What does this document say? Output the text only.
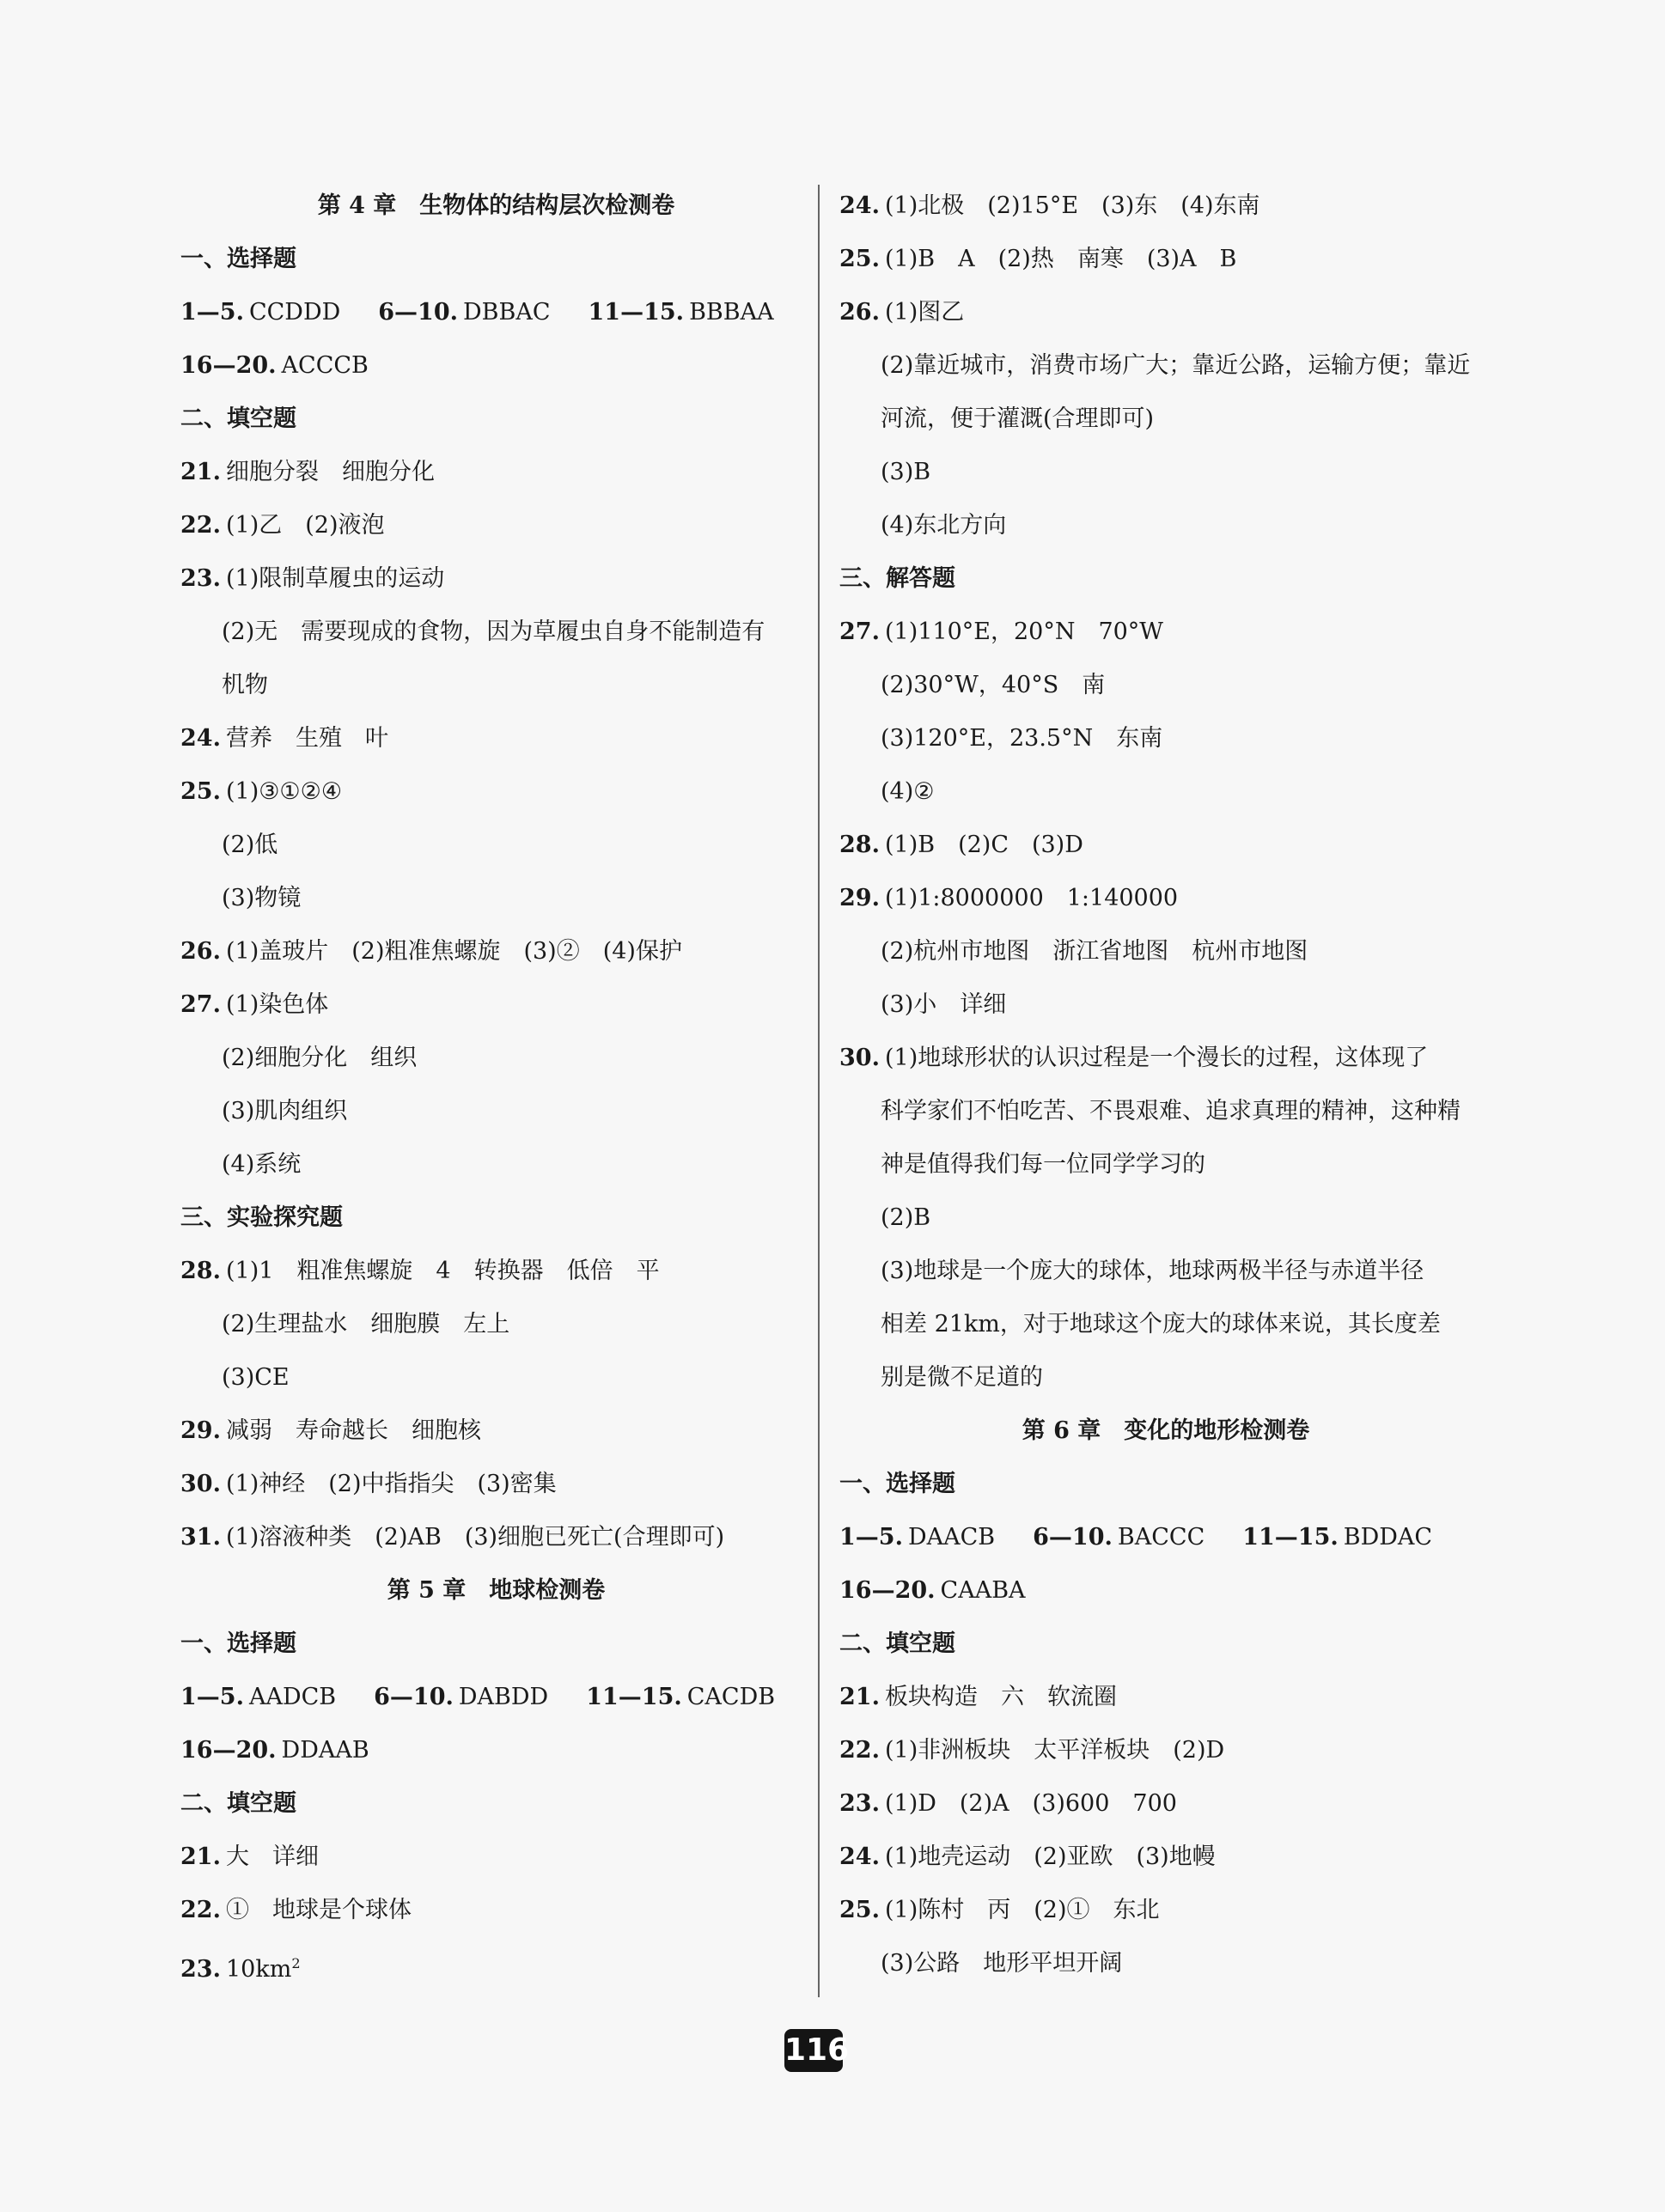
第 4 章　生物体的结构层次检测卷
一、选择题
1—5. CCDDD 6—10. DBBAC 11—15. BBBAA
16—20. ACCCB
二、填空题
21. 细胞分裂　细胞分化
22. (1)乙　(2)液泡
23. (1)限制草履虫的运动
(2)无　需要现成的食物，因为草履虫自身不能制造有
机物
24. 营养　生殖　叶
25. (1)③①②④
(2)低
(3)物镜
26. (1)盖玻片　(2)粗准焦螺旋　(3)②　(4)保护
27. (1)染色体
(2)细胞分化　组织
(3)肌肉组织
(4)系统
三、实验探究题
28. (1)1　粗准焦螺旋　4　转换器　低倍　平
(2)生理盐水　细胞膜　左上
(3)CE
29. 减弱　寿命越长　细胞核
30. (1)神经　(2)中指指尖　(3)密集
31. (1)溶液种类　(2)AB　(3)细胞已死亡(合理即可)
第 5 章　地球检测卷
一、选择题
1—5. AADCB 6—10. DABDD 11—15. CACDB
16—20. DDAAB
二、填空题
21. 大　详细
22. ①　地球是个球体
23. $10km^2$
24. (1)北极　(2)15°E　(3)东　(4)东南
25. (1)B　A　(2)热　南寒　(3)A　B
26. (1)图乙
(2)靠近城市，消费市场广大；靠近公路，运输方便；靠近
河流，便于灌溉(合理即可)
(3)B
(4)东北方向
三、解答题
27. (1)110°E，20°N　70°W
(2)30°W，40°S　南
(3)120°E，23.5°N　东南
(4)②
28. (1)B　(2)C　(3)D
29. (1)1:8000000　1:140000
(2)杭州市地图　浙江省地图　杭州市地图
(3)小　详细
30. (1)地球形状的认识过程是一个漫长的过程，这体现了
科学家们不怕吃苦、不畏艰难、追求真理的精神，这种精
神是值得我们每一位同学学习的
(2)B
(3)地球是一个庞大的球体，地球两极半径与赤道半径
相差 21km，对于地球这个庞大的球体来说，其长度差
别是微不足道的
第 6 章　变化的地形检测卷
一、选择题
1—5. DAACB 6—10. BACCC 11—15. BDDAC
16—20. CAABA
二、填空题
21. 板块构造　六　软流圈
22. (1)非洲板块　太平洋板块　(2)D
23. (1)D　(2)A　(3)600　700
24. (1)地壳运动　(2)亚欧　(3)地幔
25. (1)陈村　丙　(2)①　东北
(3)公路　地形平坦开阔
116
